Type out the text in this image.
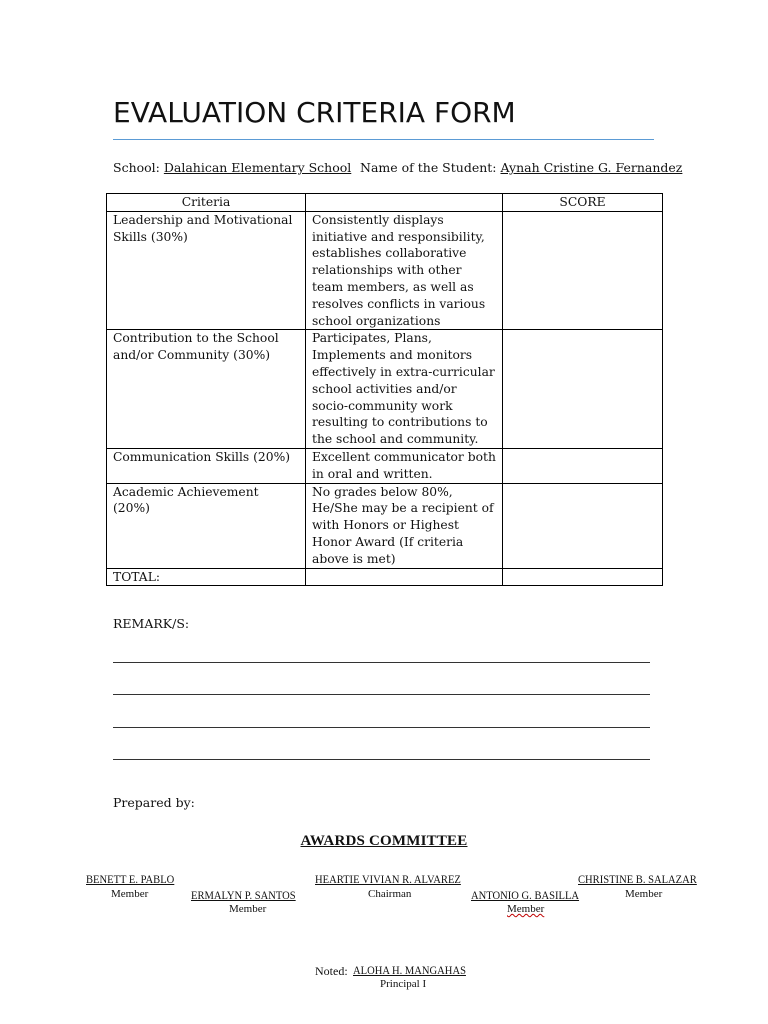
EVALUATION CRITERIA FORM
School: Dalahican Elementary School Name of the Student: Aynah Cristine G. Fernandez
Criteria		SCORE
Leadership and Motivational Skills (30%)	Consistently displays initiative and responsibility, establishes collaborative relationships with other team members, as well as resolves conflicts in various school organizations	
Contribution to the School and/or Community (30%)	Participates, Plans, Implements and monitors effectively in extra-curricular school activities and/or socio-community work resulting to contributions to the school and community.	
Communication Skills (20%)	Excellent communicator both in oral and written.	
Academic Achievement (20%)	No grades below 80%, He/She may be a recipient of with Honors or Highest Honor Award (If criteria above is met)	
TOTAL:		
REMARK/S:
Prepared by:
AWARDS COMMITTEE
BENETT E. PABLO
Member	ERMALYN P. SANTOS
Member
HEARTIE VIVIAN R. ALVAREZ
Chairman	ANTONIO G. BASILLA
Member
CHRISTINE B. SALAZAR
Member
Noted: ALOHA H. MANGAHAS
Principal I
